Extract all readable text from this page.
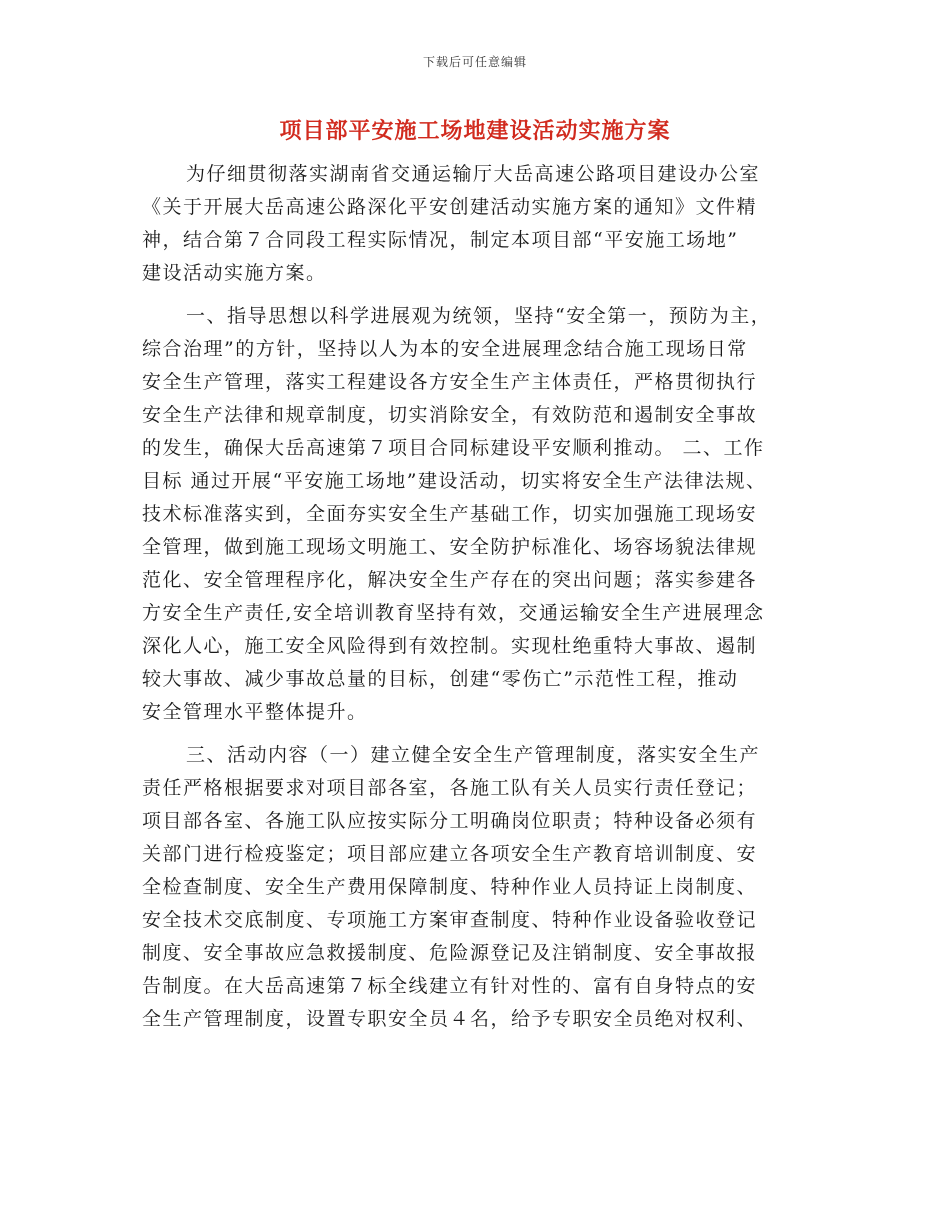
下载后可任意编辑
项目部平安施工场地建设活动实施方案
为仔细贯彻落实湖南省交通运输厅大岳高速公路项目建设办公室
《关于开展大岳高速公路深化平安创建活动实施方案的通知》文件精
神，结合第７合同段工程实际情况，制定本项目部“平安施工场地”
建设活动实施方案。
一、指导思想以科学进展观为统领，坚持“安全第一，预防为主，
综合治理”的方针，坚持以人为本的安全进展理念结合施工现场日常
安全生产管理，落实工程建设各方安全生产主体责任，严格贯彻执行
安全生产法律和规章制度，切实消除安全，有效防范和遏制安全事故
的发生，确保大岳高速第７项目合同标建设平安顺利推动。 二、工作
目标 通过开展“平安施工场地”建设活动，切实将安全生产法律法规、
技术标准落实到，全面夯实安全生产基础工作，切实加强施工现场安
全管理，做到施工现场文明施工、安全防护标准化、场容场貌法律规
范化、安全管理程序化，解决安全生产存在的突出问题；落实参建各
方安全生产责任,安全培训教育坚持有效，交通运输安全生产进展理念
深化人心，施工安全风险得到有效控制。实现杜绝重特大事故、遏制
较大事故、减少事故总量的目标，创建“零伤亡”示范性工程，推动
安全管理水平整体提升。
三、活动内容（一）建立健全安全生产管理制度，落实安全生产
责任严格根据要求对项目部各室，各施工队有关人员实行责任登记；
项目部各室、各施工队应按实际分工明确岗位职责；特种设备必须有
关部门进行检疫鉴定；项目部应建立各项安全生产教育培训制度、安
全检查制度、安全生产费用保障制度、特种作业人员持证上岗制度、
安全技术交底制度、专项施工方案审查制度、特种作业设备验收登记
制度、安全事故应急救援制度、危险源登记及注销制度、安全事故报
告制度。在大岳高速第７标全线建立有针对性的、富有自身特点的安
全生产管理制度，设置专职安全员４名，给予专职安全员绝对权利、
